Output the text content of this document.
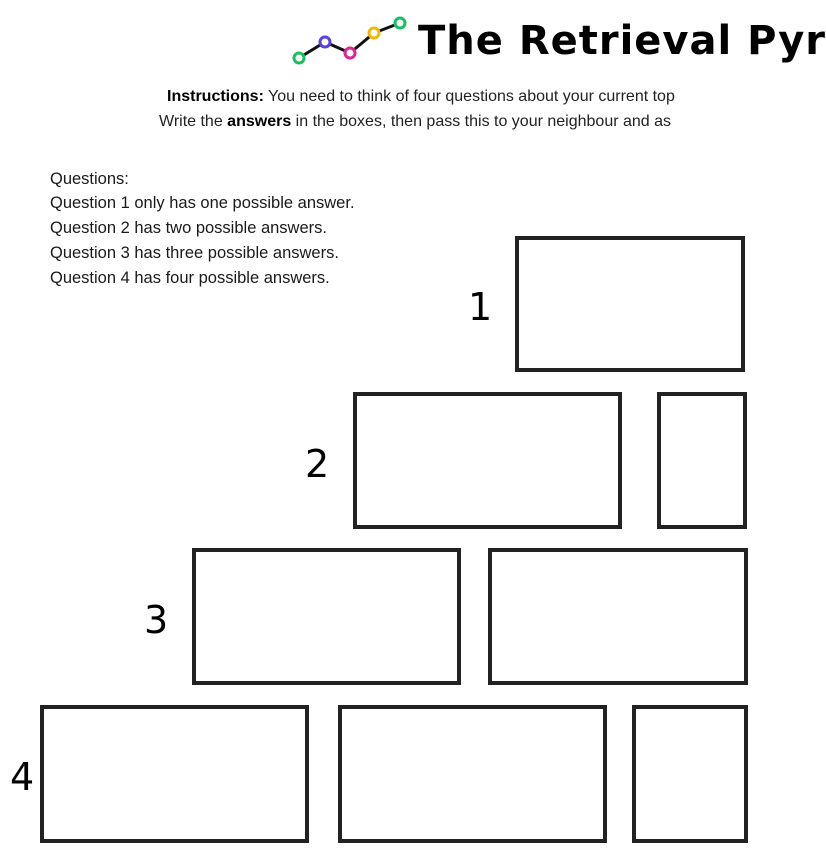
The Retrieval Pyr
Instructions: You need to think of four questions about your current top
Write the answers in the boxes, then pass this to your neighbour and as
Questions:
Question 1 only has one possible answer.
Question 2 has two possible answers.
Question 3 has three possible answers.
Question 4 has four possible answers.
1
2
3
4
